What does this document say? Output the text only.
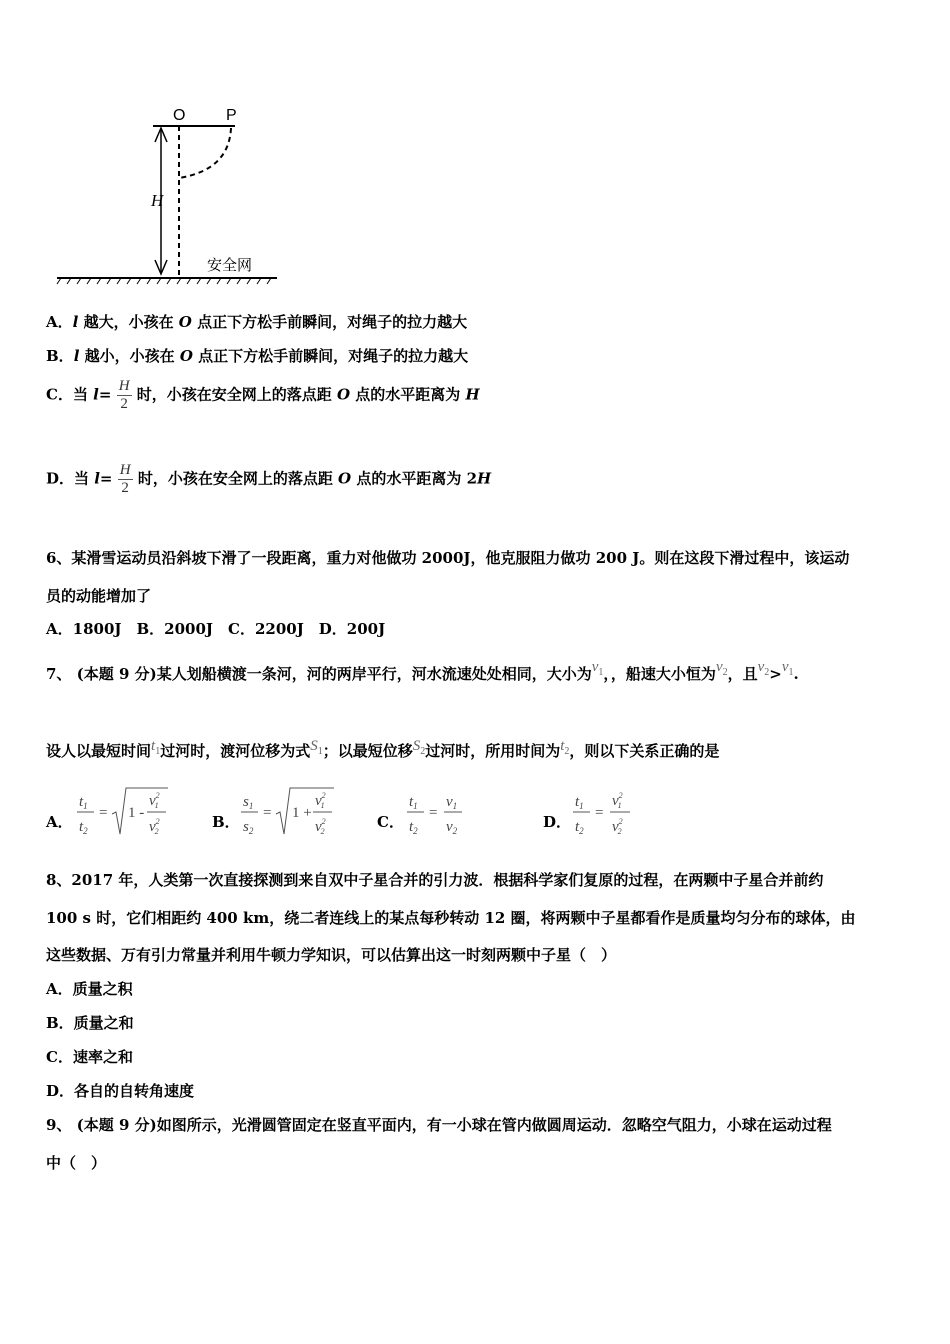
O	P
H
安全网
A．l 越大，小孩在 O 点正下方松手前瞬间，对绳子的拉力越大
B．l 越小，小孩在 O 点正下方松手前瞬间，对绳子的拉力越大
C．当 $l= \frac{H}{2}$ 时，小孩在安全网上的落点距 O 点的水平距离为 H
D．当 $l= \frac{H}{2}$ 时，小孩在安全网上的落点距 O 点的水平距离为 2H
6、某滑雪运动员沿斜坡下滑了一段距离，重力对他做功 2000J，他克服阻力做功 200 J。则在这段下滑过程中，该运动
员的动能增加了
A．1800J　B．2000J　C．2200J　D．200J
7、 (本题 9 分)某人划船横渡一条河，河的两岸平行，河水流速处处相同，大小为$v_1$，，船速大小恒为$v_2$，且$v_2>v_1$.
设人以最短时间$t_1$过河时，渡河位移为式$S_1$；以最短位移$S_2$过河时，所用时间为$t_2$，则以下关系正确的是
A．
$t_1$
$t_2$
= 1 -
$v^2$ 1
$v^2$ 2
B．
$s_1$
$s_2$
= 1 +
$v^2$ 1
$v^2$ 2
C．
$t_1$
$t_2$
=
$v_1$
$v_2$	D．
$t_1$
$t_2$
=
$v^2$ 1
$v^2$ 2
8、2017 年，人类第一次直接探测到来自双中子星合并的引力波．根据科学家们复原的过程，在两颗中子星合并前约
100 s 时，它们相距约 400 km，绕二者连线上的某点每秒转动 12 圈，将两颗中子星都看作是质量均匀分布的球体，由
这些数据、万有引力常量并利用牛顿力学知识，可以估算出这一时刻两颗中子星（　）
A．质量之积
B．质量之和
C．速率之和
D．各自的自转角速度
9、 (本题 9 分)如图所示，光滑圆管固定在竖直平面内，有一小球在管内做圆周运动．忽略空气阻力，小球在运动过程
中（　）
